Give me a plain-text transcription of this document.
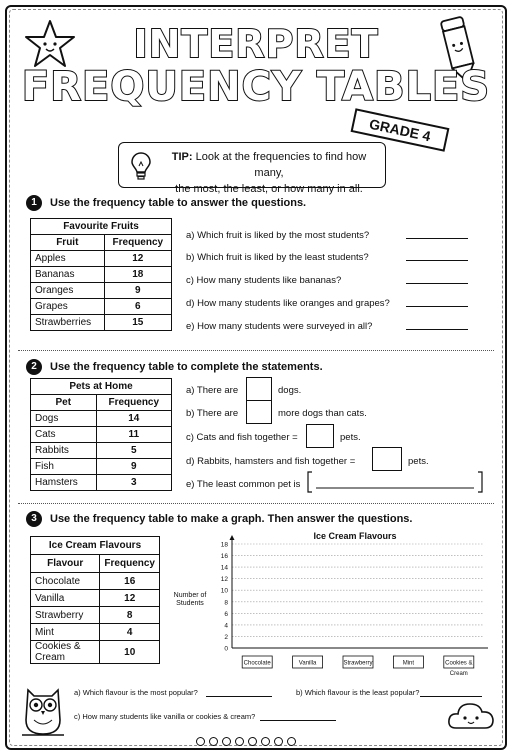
INTERPRET
FREQUENCY TABLES
GRADE 4
TIP: Look at the frequencies to find how many,
the most, the least, or how many in all.
1	Use the frequency table to answer the questions.
Favourite Fruits	
Fruit	Frequency
Apples	12
Bananas	18
Oranges	9
Grapes	6
Strawberries	15
a) Which fruit is liked by the most students?
b) Which fruit is liked by the least students?
c) How many students like bananas?
d) How many students like oranges and grapes?
e) How many students were surveyed in all?
2	Use the frequency table to complete the statements.
Pets at Home	
Pet	Frequency
Dogs	14
Cats	11
Rabbits	5
Fish	9
Hamsters	3
a) There are	dogs.
b) There are	more dogs than cats.
c) Cats and fish together =	pets.
d) Rabbits, hamsters and fish together =	pets.
e) The least common pet is
3	Use the frequency table to make a graph. Then answer the questions.
Ice Cream Flavours	
Flavour	Frequency
Chocolate	16
Vanilla	12
Strawberry	8
Mint	4
Cookies & Cream	10
Ice Cream Flavours
Number of Students
0
2
4
6
8
10
12
14
16
18
Chocolate	Vanilla	Strawberry	Mint	Cookies &
Cream
a) Which flavour is the most popular?	b) Which flavour is the least popular?
c) How many students like vanilla or cookies & cream?
